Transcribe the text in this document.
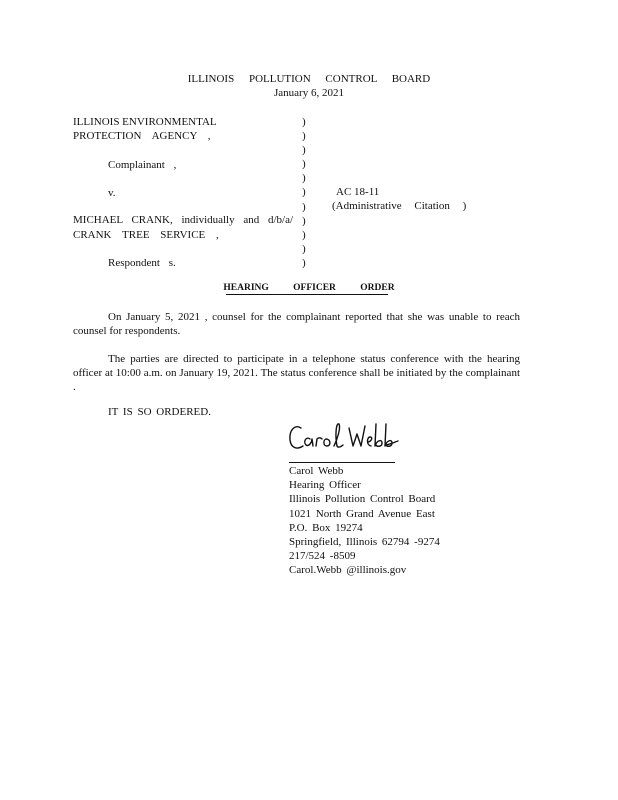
ILLINOIS POLLUTION CONTROL BOARD
January 6, 2021
ILLINOIS ENVIRONMENTAL
PROTECTION AGENCY ,
Complainant ,
v.
MICHAEL CRANK, individually and d/b/a/
CRANK TREE SERVICE ,
Respondent s.
)
)
)
)
)
)
)
)
)
)
)
AC 18-11
(Administrative Citation )
HEARING OFFICER ORDER
On January 5, 2021 , counsel for the complainant reported that she was unable to reach counsel for respondents.
The parties are directed to participate in a telephone status conference with the hearing officer at 10:00 a.m. on January 19, 2021. The status conference shall be initiated by the complainant .
IT IS SO ORDERED.
Carol Webb
Hearing Officer
Illinois Pollution Control Board
1021 North Grand Avenue East
P.O. Box 19274
Springfield, Illinois 62794 -9274
217/524 -8509
Carol.Webb @illinois.gov
